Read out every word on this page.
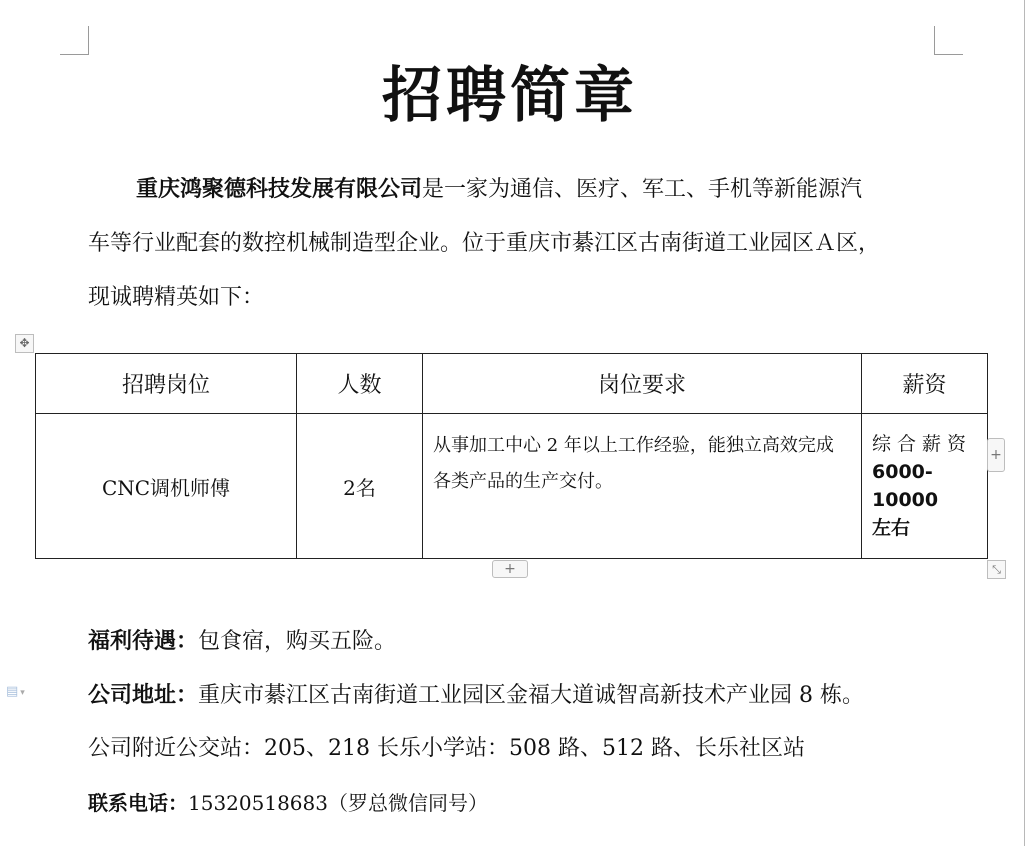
招聘简章
重庆鸿聚德科技发展有限公司是一家为通信、医疗、军工、手机等新能源汽
车等行业配套的数控机械制造型企业。位于重庆市綦江区古南街道工业园区Ａ区，
现诚聘精英如下：
✥
招聘岗位	人数	岗位要求	薪资
CNC调机师傅	2名	从事加工中心 2 年以上工作经验，能独立高效完成各类产品的生产交付。	综合薪资
6000-10000
左右
+
+	⤡
▤ ▾
福利待遇：包食宿，购买五险。
公司地址：重庆市綦江区古南街道工业园区金福大道诚智高新技术产业园 8 栋。
公司附近公交站：205、218 长乐小学站：508 路、512 路、长乐社区站
联系电话：15320518683（罗总微信同号）
